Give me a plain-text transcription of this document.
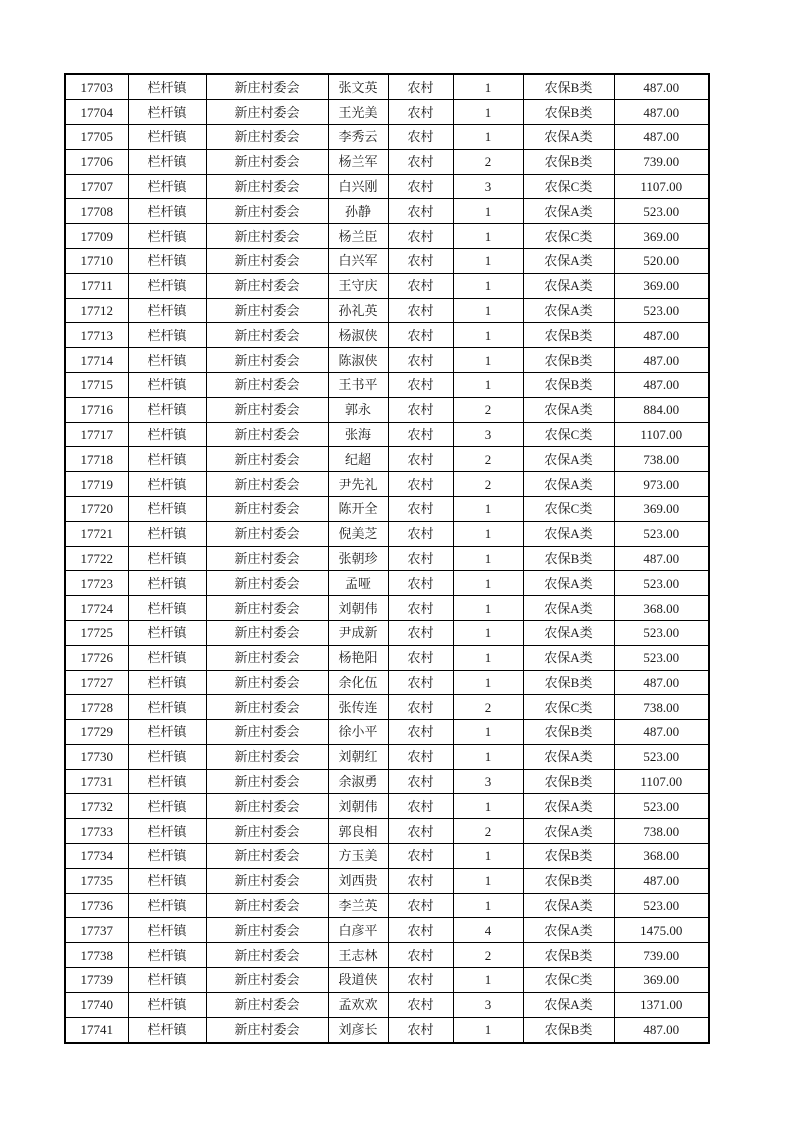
17703	栏杆镇	新庄村委会	张文英	农村	1	农保B类	487.00
17704	栏杆镇	新庄村委会	王光美	农村	1	农保B类	487.00
17705	栏杆镇	新庄村委会	李秀云	农村	1	农保A类	487.00
17706	栏杆镇	新庄村委会	杨兰军	农村	2	农保B类	739.00
17707	栏杆镇	新庄村委会	白兴刚	农村	3	农保C类	1107.00
17708	栏杆镇	新庄村委会	孙静	农村	1	农保A类	523.00
17709	栏杆镇	新庄村委会	杨兰臣	农村	1	农保C类	369.00
17710	栏杆镇	新庄村委会	白兴军	农村	1	农保A类	520.00
17711	栏杆镇	新庄村委会	王守庆	农村	1	农保A类	369.00
17712	栏杆镇	新庄村委会	孙礼英	农村	1	农保A类	523.00
17713	栏杆镇	新庄村委会	杨淑侠	农村	1	农保B类	487.00
17714	栏杆镇	新庄村委会	陈淑侠	农村	1	农保B类	487.00
17715	栏杆镇	新庄村委会	王书平	农村	1	农保B类	487.00
17716	栏杆镇	新庄村委会	郭永	农村	2	农保A类	884.00
17717	栏杆镇	新庄村委会	张海	农村	3	农保C类	1107.00
17718	栏杆镇	新庄村委会	纪超	农村	2	农保A类	738.00
17719	栏杆镇	新庄村委会	尹先礼	农村	2	农保A类	973.00
17720	栏杆镇	新庄村委会	陈开全	农村	1	农保C类	369.00
17721	栏杆镇	新庄村委会	倪美芝	农村	1	农保A类	523.00
17722	栏杆镇	新庄村委会	张朝珍	农村	1	农保B类	487.00
17723	栏杆镇	新庄村委会	孟哑	农村	1	农保A类	523.00
17724	栏杆镇	新庄村委会	刘朝伟	农村	1	农保A类	368.00
17725	栏杆镇	新庄村委会	尹成新	农村	1	农保A类	523.00
17726	栏杆镇	新庄村委会	杨艳阳	农村	1	农保A类	523.00
17727	栏杆镇	新庄村委会	余化伍	农村	1	农保B类	487.00
17728	栏杆镇	新庄村委会	张传连	农村	2	农保C类	738.00
17729	栏杆镇	新庄村委会	徐小平	农村	1	农保B类	487.00
17730	栏杆镇	新庄村委会	刘朝红	农村	1	农保A类	523.00
17731	栏杆镇	新庄村委会	余淑勇	农村	3	农保B类	1107.00
17732	栏杆镇	新庄村委会	刘朝伟	农村	1	农保A类	523.00
17733	栏杆镇	新庄村委会	郭良相	农村	2	农保A类	738.00
17734	栏杆镇	新庄村委会	方玉美	农村	1	农保B类	368.00
17735	栏杆镇	新庄村委会	刘西贵	农村	1	农保B类	487.00
17736	栏杆镇	新庄村委会	李兰英	农村	1	农保A类	523.00
17737	栏杆镇	新庄村委会	白彦平	农村	4	农保A类	1475.00
17738	栏杆镇	新庄村委会	王志林	农村	2	农保B类	739.00
17739	栏杆镇	新庄村委会	段道侠	农村	1	农保C类	369.00
17740	栏杆镇	新庄村委会	孟欢欢	农村	3	农保A类	1371.00
17741	栏杆镇	新庄村委会	刘彦长	农村	1	农保B类	487.00
